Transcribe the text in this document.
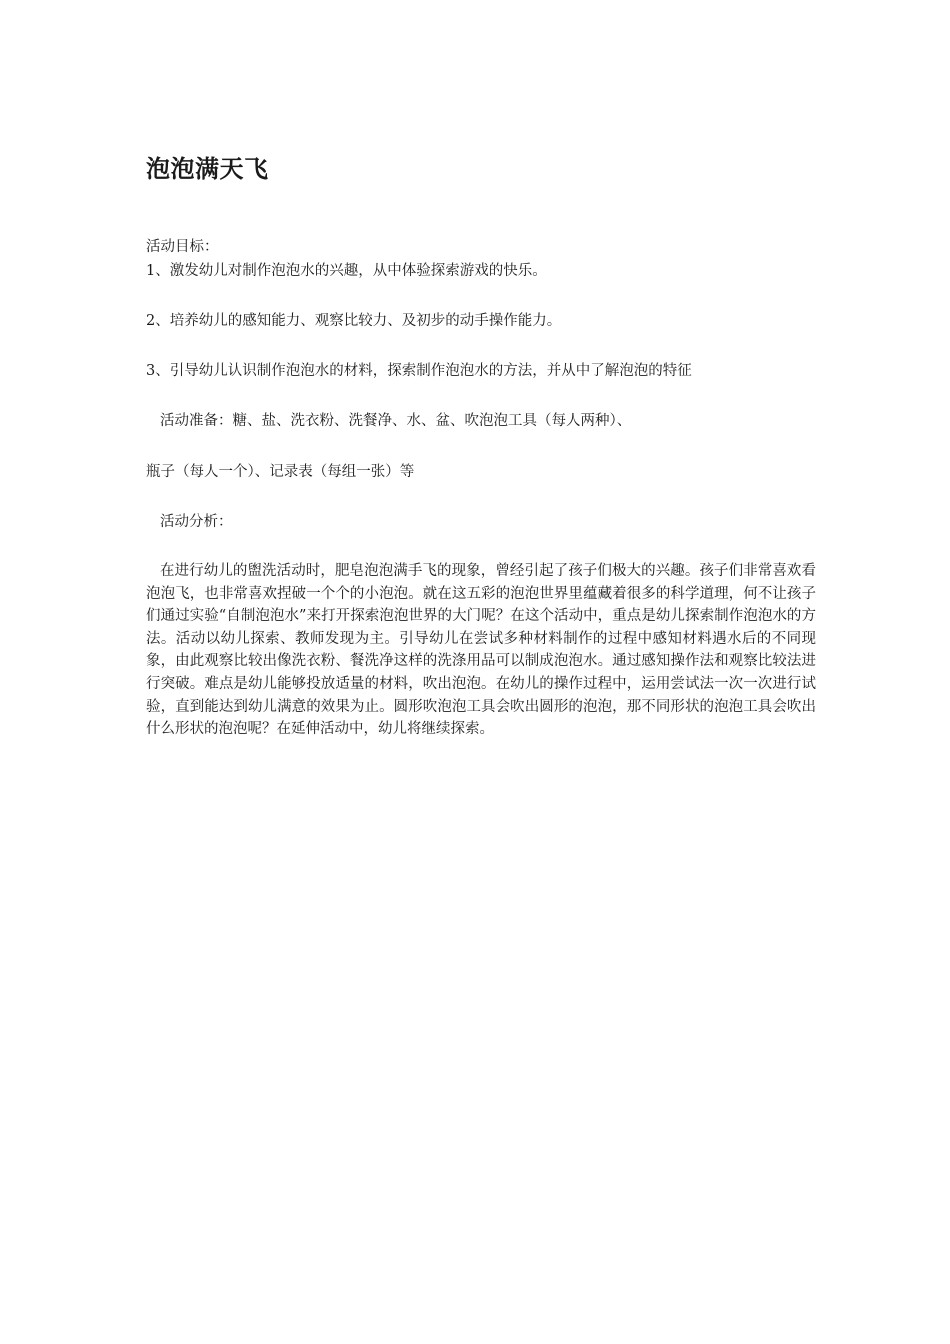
泡泡满天飞

活动目标：

1、激发幼儿对制作泡泡水的兴趣，从中体验探索游戏的快乐。

2、培养幼儿的感知能力、观察比较力、及初步的动手操作能力。

3、引导幼儿认识制作泡泡水的材料，探索制作泡泡水的方法，并从中了解泡泡的特征

活动准备：糖、盐、洗衣粉、洗餐净、水、盆、吹泡泡工具（每人两种）、

瓶子（每人一个）、记录表（每组一张）等

活动分析：

在进行幼儿的盥洗活动时，肥皂泡泡满手飞的现象，曾经引起了孩子们极大的兴趣。孩子们非常喜欢看泡泡飞，也非常喜欢捏破一个个的小泡泡。就在这五彩的泡泡世界里蕴藏着很多的科学道理，何不让孩子们通过实验“自制泡泡水”来打开探索泡泡世界的大门呢？在这个活动中，重点是幼儿探索制作泡泡水的方法。活动以幼儿探索、教师发现为主。引导幼儿在尝试多种材料制作的过程中感知材料遇水后的不同现象，由此观察比较出像洗衣粉、餐洗净这样的洗涤用品可以制成泡泡水。通过感知操作法和观察比较法进行突破。难点是幼儿能够投放适量的材料，吹出泡泡。在幼儿的操作过程中，运用尝试法一次一次进行试验，直到能达到幼儿满意的效果为止。圆形吹泡泡工具会吹出圆形的泡泡，那不同形状的泡泡工具会吹出什么形状的泡泡呢？在延伸活动中，幼儿将继续探索。
